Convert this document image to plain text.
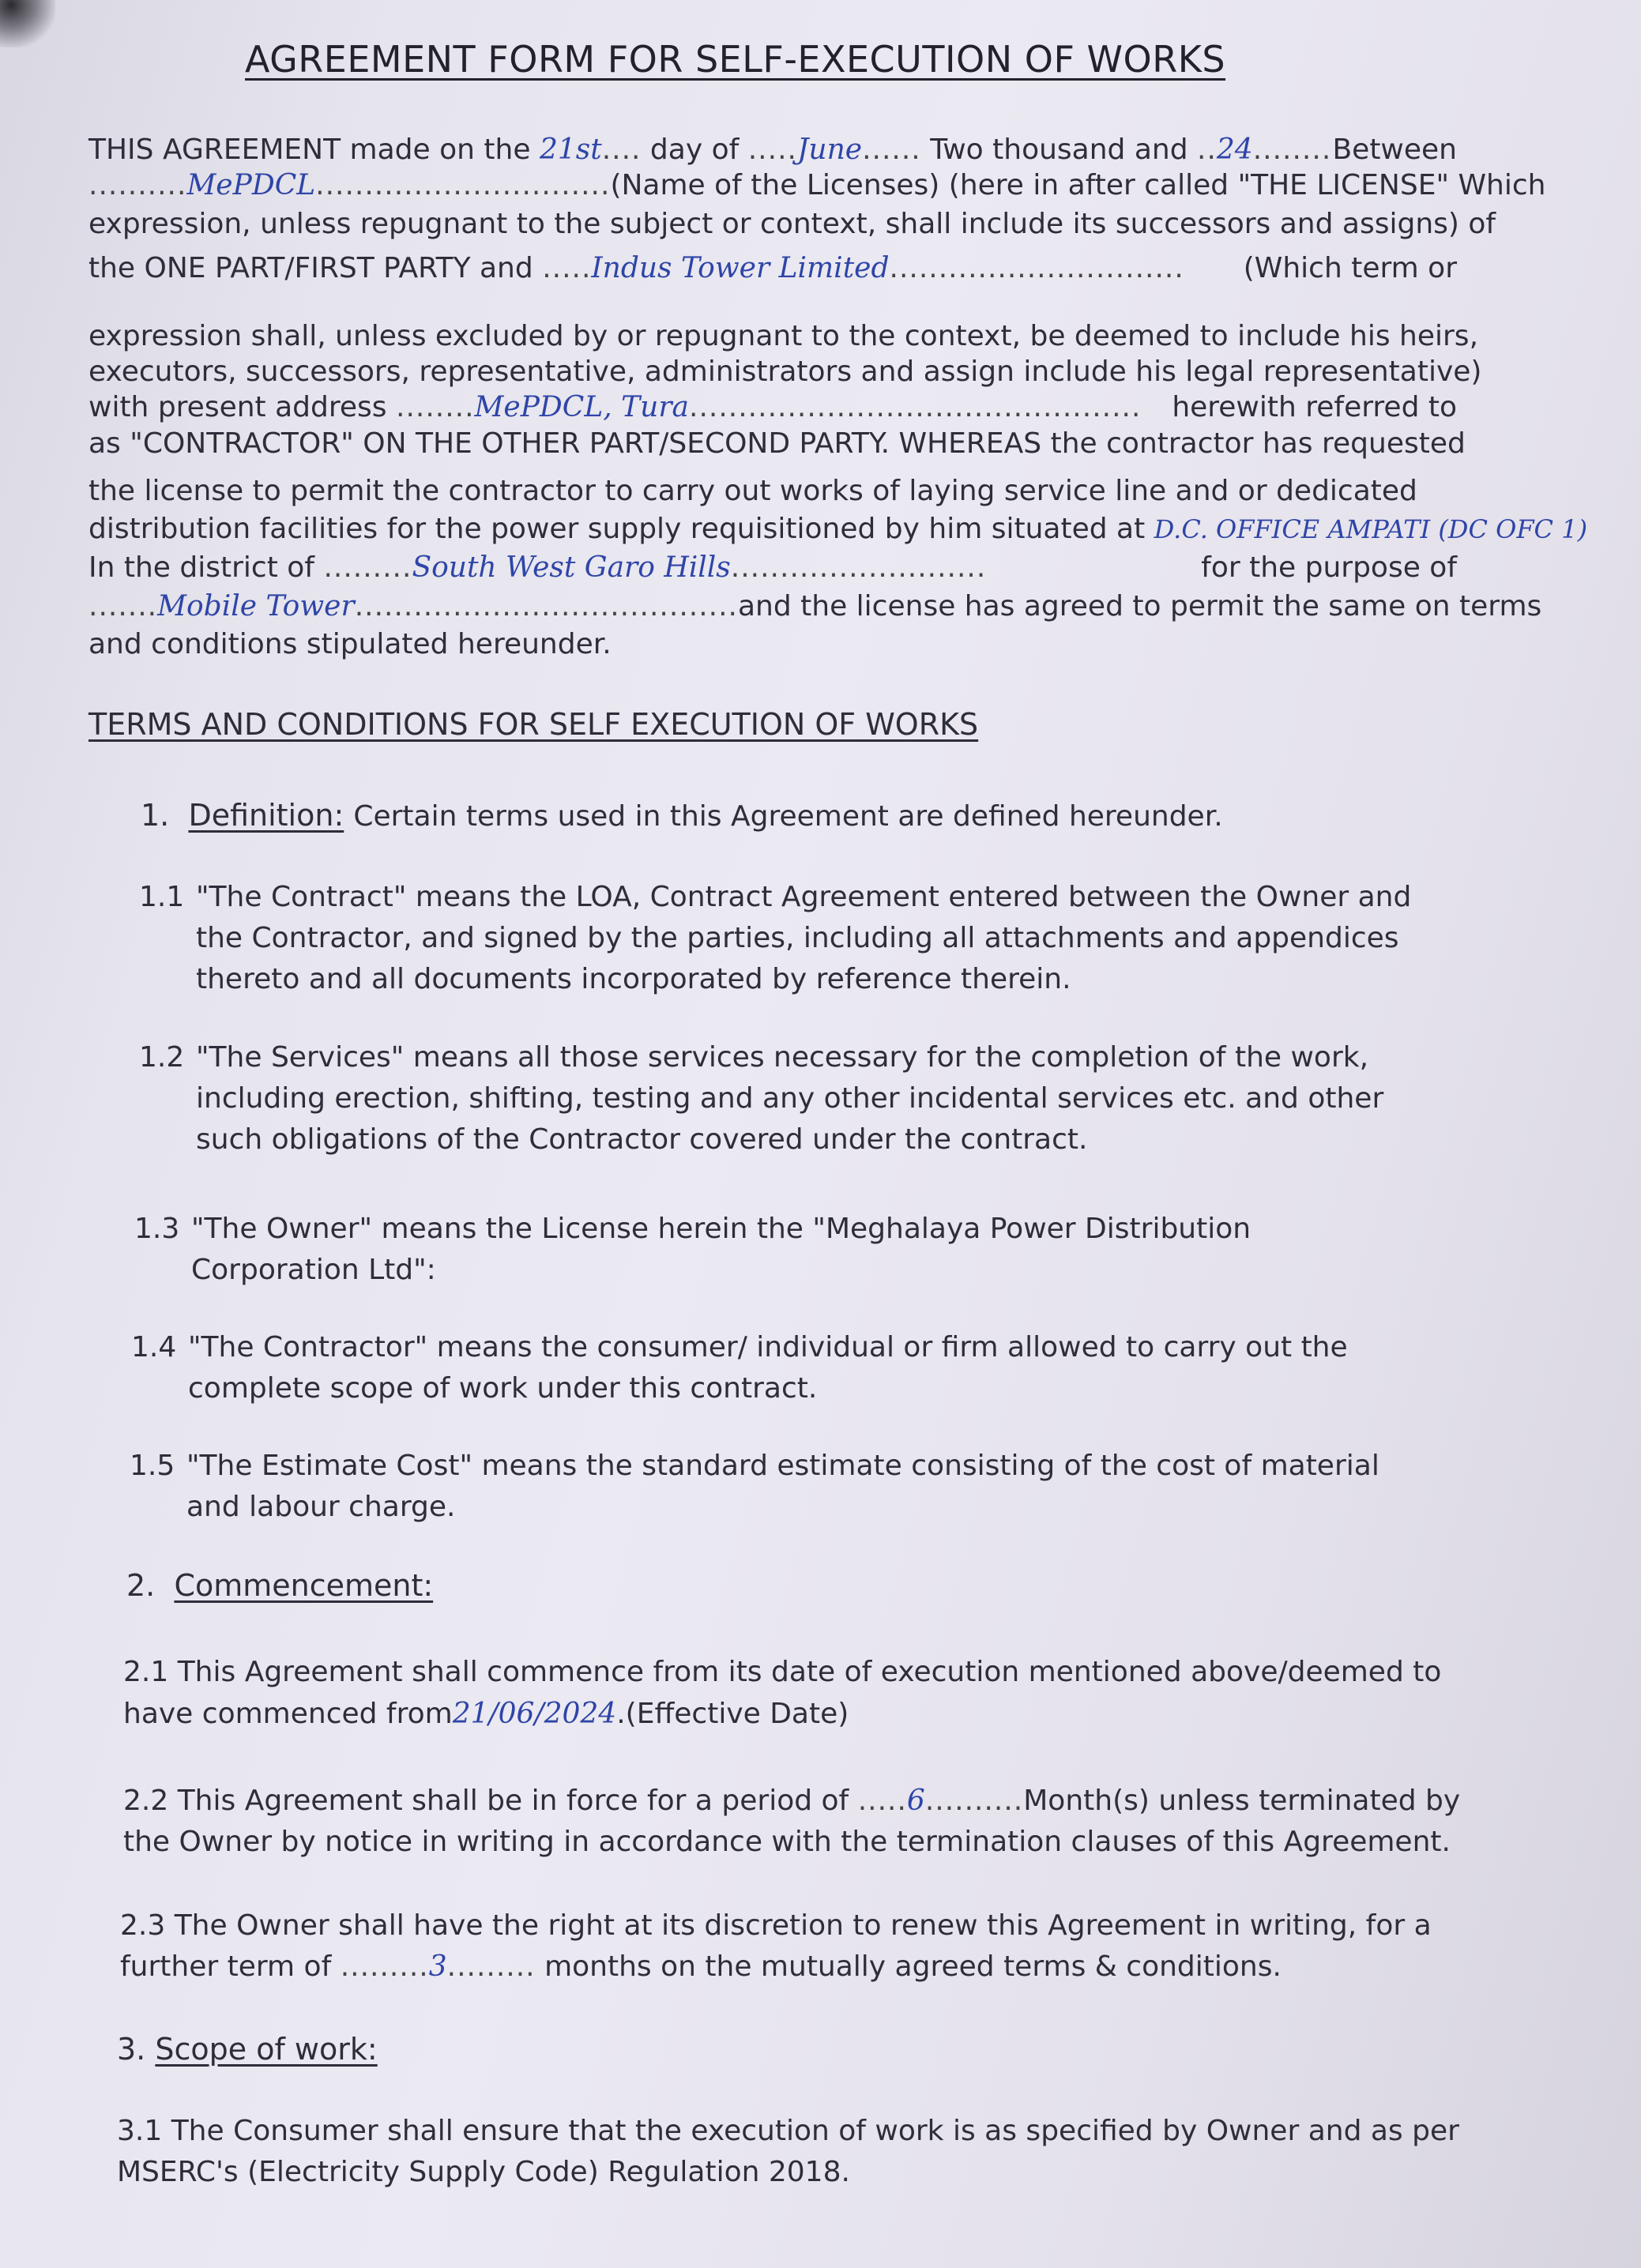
AGREEMENT FORM FOR SELF-EXECUTION OF WORKS
THIS AGREEMENT made on the 21st.... day of .....June...... Two thousand and ..24........ Between
..........MePDCL.............................. (Name of the Licenses) (here in after called "THE LICENSE" Which
expression, unless repugnant to the subject or context, shall include its successors and assigns) of
the ONE PART/FIRST PARTY and .....Indus Tower Limited.............................. (Which term or
expression shall, unless excluded by or repugnant to the context, be deemed to include his heirs,
executors, successors, representative, administrators and assign include his legal representative)
with present address ........MePDCL, Tura.............................................. herewith referred to
as "CONTRACTOR" ON THE OTHER PART/SECOND PARTY. WHEREAS the contractor has requested
the license to permit the contractor to carry out works of laying service line and or dedicated
distribution facilities for the power supply requisitioned by him situated at D.C. OFFICE AMPATI (DC OFC 1)
In the district of .........South West Garo Hills..........................	for the purpose of
.......Mobile Tower....................................... and the license has agreed to permit the same on terms
and conditions stipulated hereunder.
TERMS AND CONDITIONS FOR SELF EXECUTION OF WORKS
1. Definition: Certain terms used in this Agreement are defined hereunder.
1.1 "The Contract" means the LOA, Contract Agreement entered between the Owner and the Contractor, and signed by the parties, including all attachments and appendices thereto and all documents incorporated by reference therein.
1.2 "The Services" means all those services necessary for the completion of the work, including erection, shifting, testing and any other incidental services etc. and other such obligations of the Contractor covered under the contract.
1.3 "The Owner" means the License herein the "Meghalaya Power Distribution Corporation Ltd":
1.4 "The Contractor" means the consumer/ individual or firm allowed to carry out the complete scope of work under this contract.
1.5 "The Estimate Cost" means the standard estimate consisting of the cost of material and labour charge.
2. Commencement:
2.1 This Agreement shall commence from its date of execution mentioned above/deemed to
have commenced from21/06/2024.(Effective Date)
2.2 This Agreement shall be in force for a period of .....6.......... Month(s) unless terminated by
the Owner by notice in writing in accordance with the termination clauses of this Agreement.
2.3 The Owner shall have the right at its discretion to renew this Agreement in writing, for a
further term of .........3......... months on the mutually agreed terms & conditions.
3. Scope of work:
3.1 The Consumer shall ensure that the execution of work is as specified by Owner and as per
MSERC's (Electricity Supply Code) Regulation 2018.
